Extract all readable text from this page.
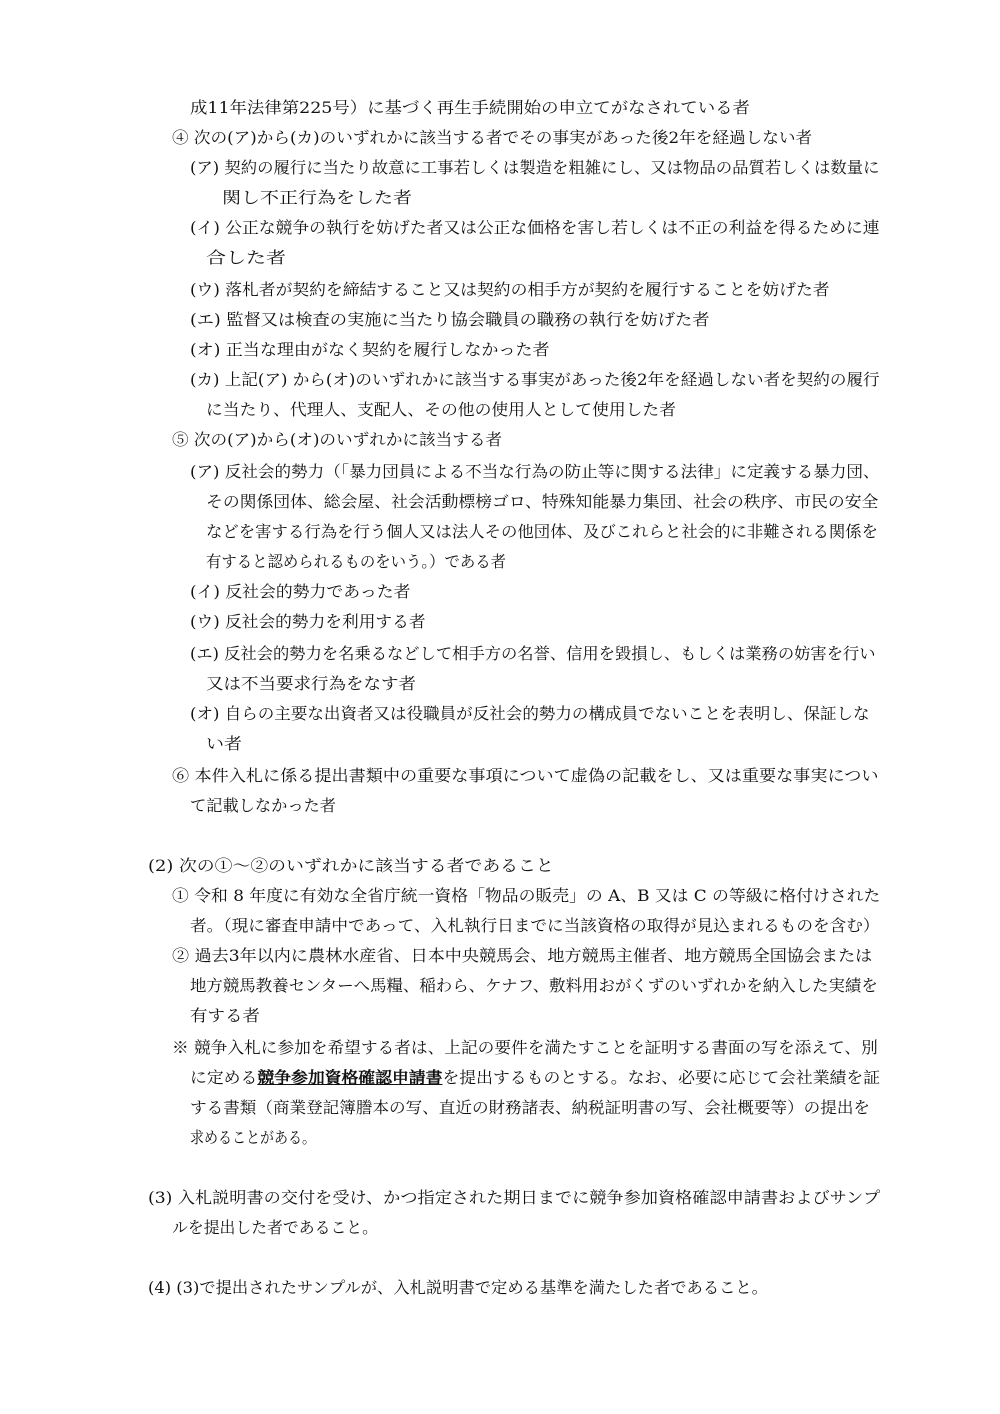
成11年法律第225号）に基づく再生手続開始の申立てがなされている者
④ 次の(ア)から(カ)のいずれかに該当する者でその事実があった後2年を経過しない者
(ア) 契約の履行に当たり故意に工事若しくは製造を粗雑にし、又は物品の品質若しくは数量に
関し不正行為をした者
(イ) 公正な競争の執行を妨げた者又は公正な価格を害し若しくは不正の利益を得るために連
合した者
(ウ) 落札者が契約を締結すること又は契約の相手方が契約を履行することを妨げた者
(エ) 監督又は検査の実施に当たり協会職員の職務の執行を妨げた者
(オ) 正当な理由がなく契約を履行しなかった者
(カ) 上記(ア) から(オ)のいずれかに該当する事実があった後2年を経過しない者を契約の履行
に当たり、代理人、支配人、その他の使用人として使用した者
⑤ 次の(ア)から(オ)のいずれかに該当する者
(ア) 反社会的勢力（「暴力団員による不当な行為の防止等に関する法律」に定義する暴力団、
その関係団体、総会屋、社会活動標榜ゴロ、特殊知能暴力集団、社会の秩序、市民の安全
などを害する行為を行う個人又は法人その他団体、及びこれらと社会的に非難される関係を
有すると認められるものをいう。）である者
(イ) 反社会的勢力であった者
(ウ) 反社会的勢力を利用する者
(エ) 反社会的勢力を名乗るなどして相手方の名誉、信用を毀損し、もしくは業務の妨害を行い
又は不当要求行為をなす者
(オ) 自らの主要な出資者又は役職員が反社会的勢力の構成員でないことを表明し、保証しな
い者
⑥ 本件入札に係る提出書類中の重要な事項について虚偽の記載をし、又は重要な事実につい
て記載しなかった者
(2) 次の①～②のいずれかに該当する者であること
① 令和 8 年度に有効な全省庁統一資格「物品の販売」の A、B 又は C の等級に格付けされた
者。（現に審査申請中であって、入札執行日までに当該資格の取得が見込まれるものを含む）
② 過去3年以内に農林水産省、日本中央競馬会、地方競馬主催者、地方競馬全国協会または
地方競馬教養センターへ馬糧、稲わら、ケナフ、敷料用おがくずのいずれかを納入した実績を
有する者
※ 競争入札に参加を希望する者は、上記の要件を満たすことを証明する書面の写を添えて、別
に定める競争参加資格確認申請書を提出するものとする。なお、必要に応じて会社業績を証
する書類（商業登記簿謄本の写、直近の財務諸表、納税証明書の写、会社概要等）の提出を
求めることがある。
(3) 入札説明書の交付を受け、かつ指定された期日までに競争参加資格確認申請書およびサンプ
ルを提出した者であること。
(4) (3)で提出されたサンプルが、入札説明書で定める基準を満たした者であること。
